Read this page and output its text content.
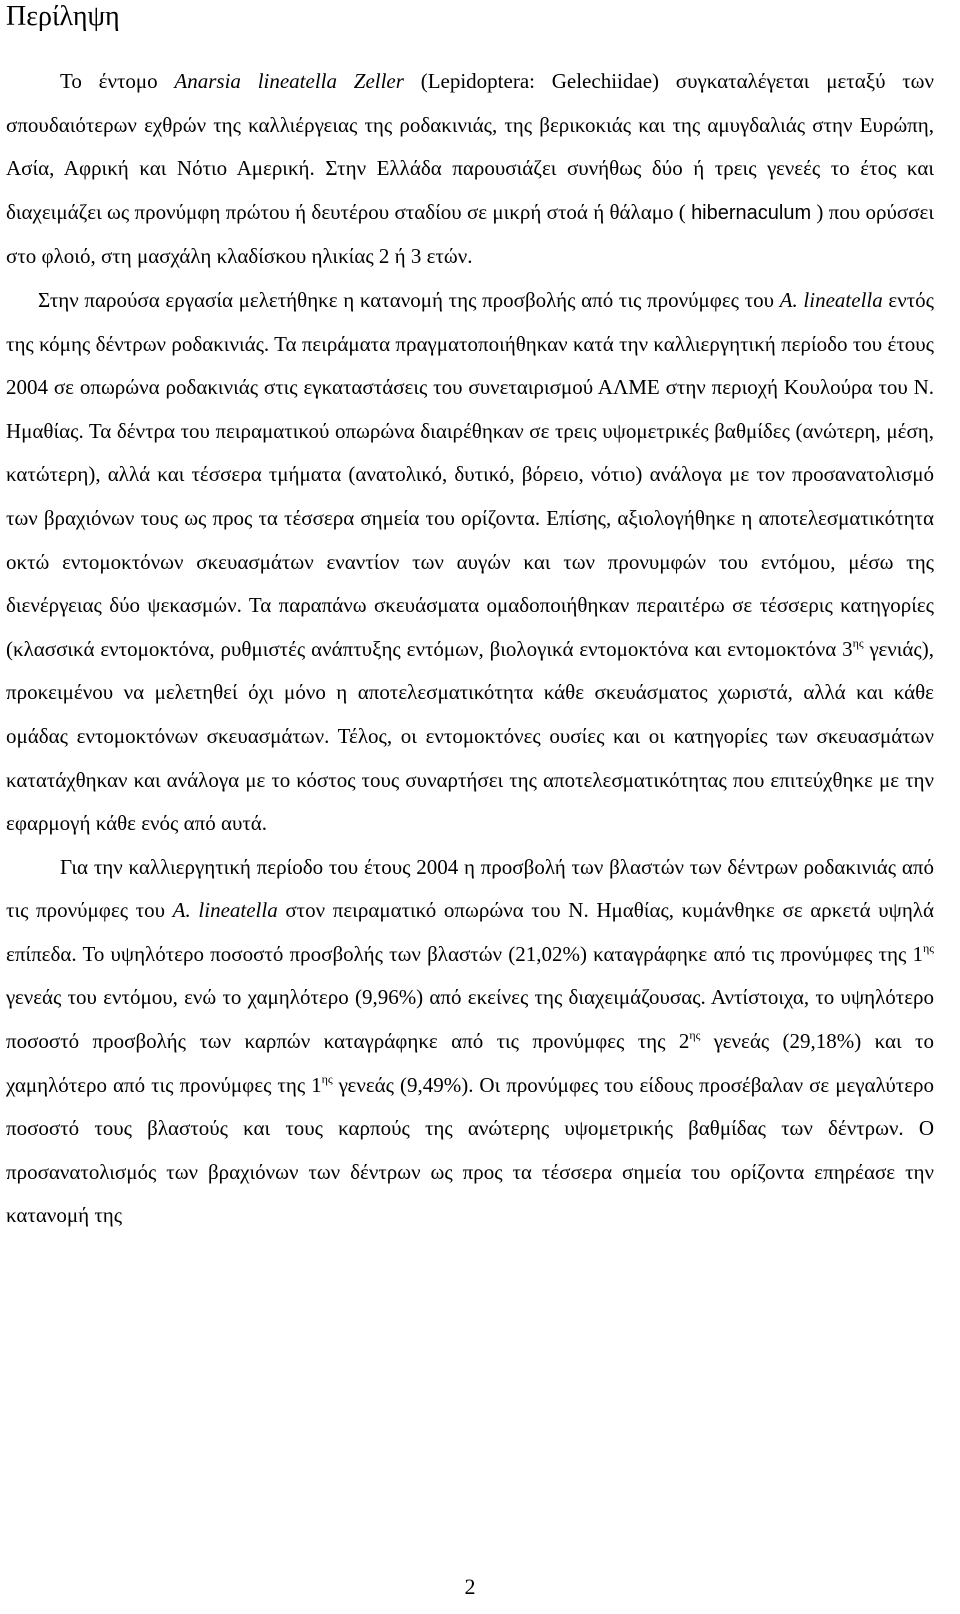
Περίληψη

Το έντομο Anarsia lineatella Zeller (Lepidoptera: Gelechiidae) συγκαταλέγεται μεταξύ των σπουδαιότερων εχθρών της καλλιέργειας της ροδακινιάς, της βερικοκιάς και της αμυγδαλιάς στην Ευρώπη, Ασία, Αφρική και Νότιο Αμερική. Στην Ελλάδα παρουσιάζει συνήθως δύο ή τρεις γενεές το έτος και διαχειμάζει ως προνύμφη πρώτου ή δευτέρου σταδίου σε μικρή στοά ή θάλαμο ( hibernaculum ) που ορύσσει στο φλοιό, στη μασχάλη κλαδίσκου ηλικίας 2 ή 3 ετών.

Στην παρούσα εργασία μελετήθηκε η κατανομή της προσβολής από τις προνύμφες του A. lineatella εντός της κόμης δέντρων ροδακινιάς. Τα πειράματα πραγματοποιήθηκαν κατά την καλλιεργητική περίοδο του έτους 2004 σε οπωρώνα ροδακινιάς στις εγκαταστάσεις του συνεταιρισμού ΑΛΜΕ στην περιοχή Κουλούρα του Ν. Ημαθίας. Τα δέντρα του πειραματικού οπωρώνα διαιρέθηκαν σε τρεις υψομετρικές βαθμίδες (ανώτερη, μέση, κατώτερη), αλλά και τέσσερα τμήματα (ανατολικό, δυτικό, βόρειο, νότιο) ανάλογα με τον προσανατολισμό των βραχιόνων τους ως προς τα τέσσερα σημεία του ορίζοντα. Επίσης, αξιολογήθηκε η αποτελεσματικότητα οκτώ εντομοκτόνων σκευασμάτων εναντίον των αυγών και των προνυμφών του εντόμου, μέσω της διενέργειας δύο ψεκασμών. Τα παραπάνω σκευάσματα ομαδοποιήθηκαν περαιτέρω σε τέσσερις κατηγορίες (κλασσικά εντομοκτόνα, ρυθμιστές ανάπτυξης εντόμων, βιολογικά εντομοκτόνα και εντομοκτόνα $3^{\eta\varsigma}$ γενιάς), προκειμένου να μελετηθεί όχι μόνο η αποτελεσματικότητα κάθε σκευάσματος χωριστά, αλλά και κάθε ομάδας εντομοκτόνων σκευασμάτων. Τέλος, οι εντομοκτόνες ουσίες και οι κατηγορίες των σκευασμάτων κατατάχθηκαν και ανάλογα με το κόστος τους συναρτήσει της αποτελεσματικότητας που επιτεύχθηκε με την εφαρμογή κάθε ενός από αυτά.

Για την καλλιεργητική περίοδο του έτους 2004 η προσβολή των βλαστών των δέντρων ροδακινιάς από τις προνύμφες του A. lineatella στον πειραματικό οπωρώνα του Ν. Ημαθίας, κυμάνθηκε σε αρκετά υψηλά επίπεδα. Το υψηλότερο ποσοστό προσβολής των βλαστών (21,02%) καταγράφηκε από τις προνύμφες της $1^{\eta\varsigma}$ γενεάς του εντόμου, ενώ το χαμηλότερο (9,96%) από εκείνες της διαχειμάζουσας. Αντίστοιχα, το υψηλότερο ποσοστό προσβολής των καρπών καταγράφηκε από τις προνύμφες της $2^{\eta\varsigma}$ γενεάς (29,18%) και το χαμηλότερο από τις προνύμφες της $1^{\eta\varsigma}$ γενεάς (9,49%). Οι προνύμφες του είδους προσέβαλαν σε μεγαλύτερο ποσοστό τους βλαστούς και τους καρπούς της ανώτερης υψομετρικής βαθμίδας των δέντρων. Ο προσανατολισμός των βραχιόνων των δέντρων ως προς τα τέσσερα σημεία του ορίζοντα επηρέασε την κατανομή της

2
